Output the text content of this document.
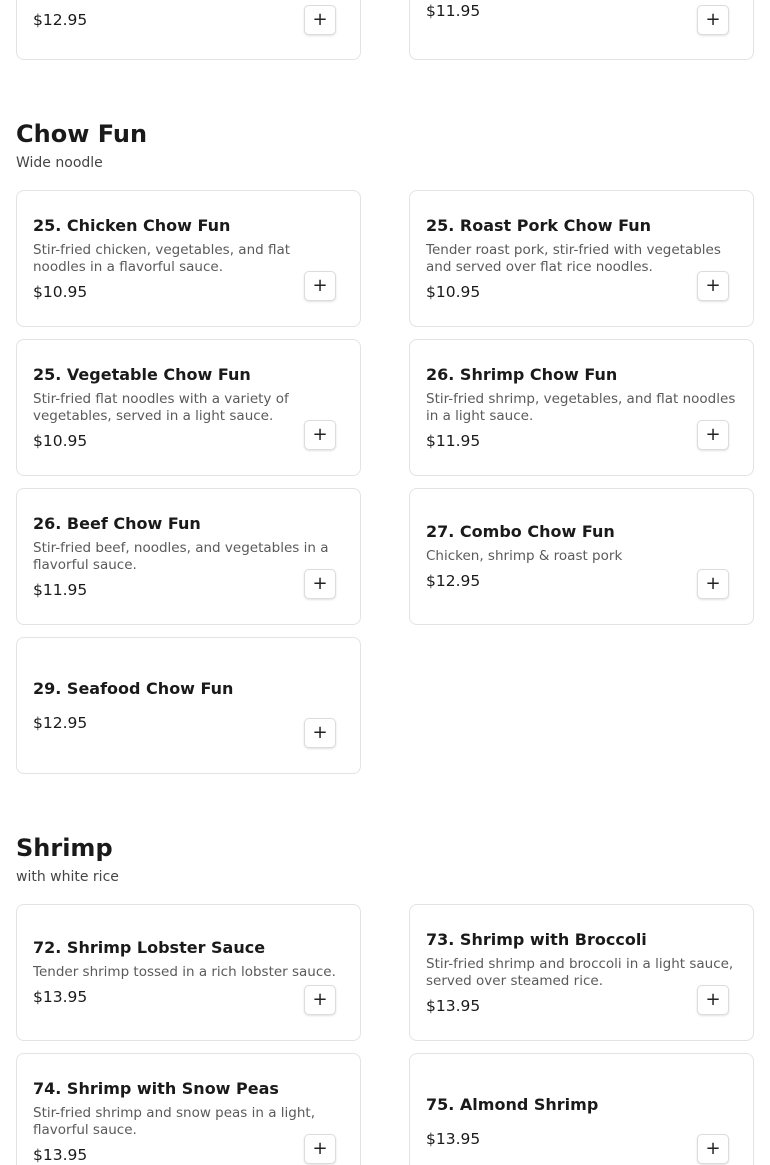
$12.95	+	$11.95	+
Chow Fun
Wide noodle
25. Chicken Chow Fun
Stir-fried chicken, vegetables, and flat noodles in a flavorful sauce.
$10.95	+
25. Roast Pork Chow Fun
Tender roast pork, stir-fried with vegetables and served over flat rice noodles.
$10.95	+
25. Vegetable Chow Fun
Stir-fried flat noodles with a variety of vegetables, served in a light sauce.
$10.95	+
26. Shrimp Chow Fun
Stir-fried shrimp, vegetables, and flat noodles in a light sauce.
$11.95	+
26. Beef Chow Fun
Stir-fried beef, noodles, and vegetables in a flavorful sauce.
$11.95	+
27. Combo Chow Fun
Chicken, shrimp & roast pork
$12.95	+
29. Seafood Chow Fun
$12.95	+
Shrimp
with white rice
72. Shrimp Lobster Sauce
Tender shrimp tossed in a rich lobster sauce.
$13.95	+
73. Shrimp with Broccoli
Stir-fried shrimp and broccoli in a light sauce, served over steamed rice.
$13.95	+
74. Shrimp with Snow Peas
Stir-fried shrimp and snow peas in a light, flavorful sauce.
$13.95	+
75. Almond Shrimp
$13.95	+
